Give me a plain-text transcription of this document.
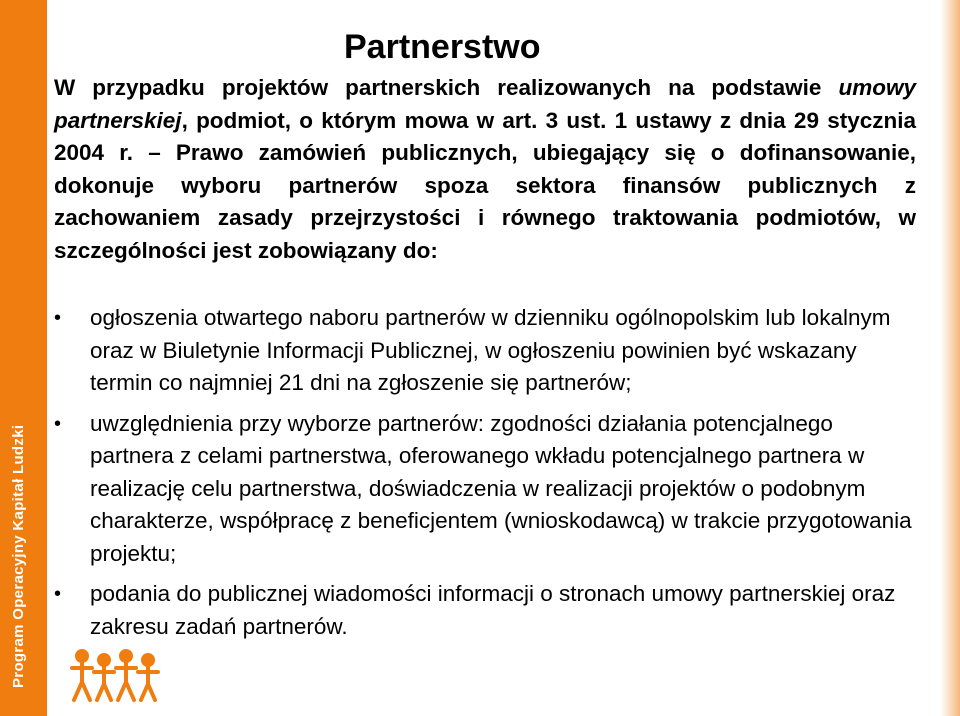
Program Operacyjny Kapitał Ludzki
Partnerstwo
W przypadku projektów partnerskich realizowanych na podstawie umowy partnerskiej, podmiot, o którym mowa w art. 3 ust. 1 ustawy z dnia 29 stycznia 2004 r. – Prawo zamówień publicznych, ubiegający się o dofinansowanie, dokonuje wyboru partnerów spoza sektora finansów publicznych z zachowaniem zasady przejrzystości i równego traktowania podmiotów, w szczególności jest zobowiązany do:
• ogłoszenia otwartego naboru partnerów w dzienniku ogólnopolskim lub lokalnym oraz w Biuletynie Informacji Publicznej, w ogłoszeniu powinien być wskazany termin co najmniej 21 dni na zgłoszenie się partnerów;
• uwzględnienia przy wyborze partnerów: zgodności działania potencjalnego partnera z celami partnerstwa, oferowanego wkładu potencjalnego partnera w realizację celu partnerstwa, doświadczenia w realizacji projektów o podobnym charakterze, współpracę z beneficjentem (wnioskodawcą) w trakcie przygotowania projektu;
• podania do publicznej wiadomości informacji o stronach umowy partnerskiej oraz zakresu zadań partnerów.
